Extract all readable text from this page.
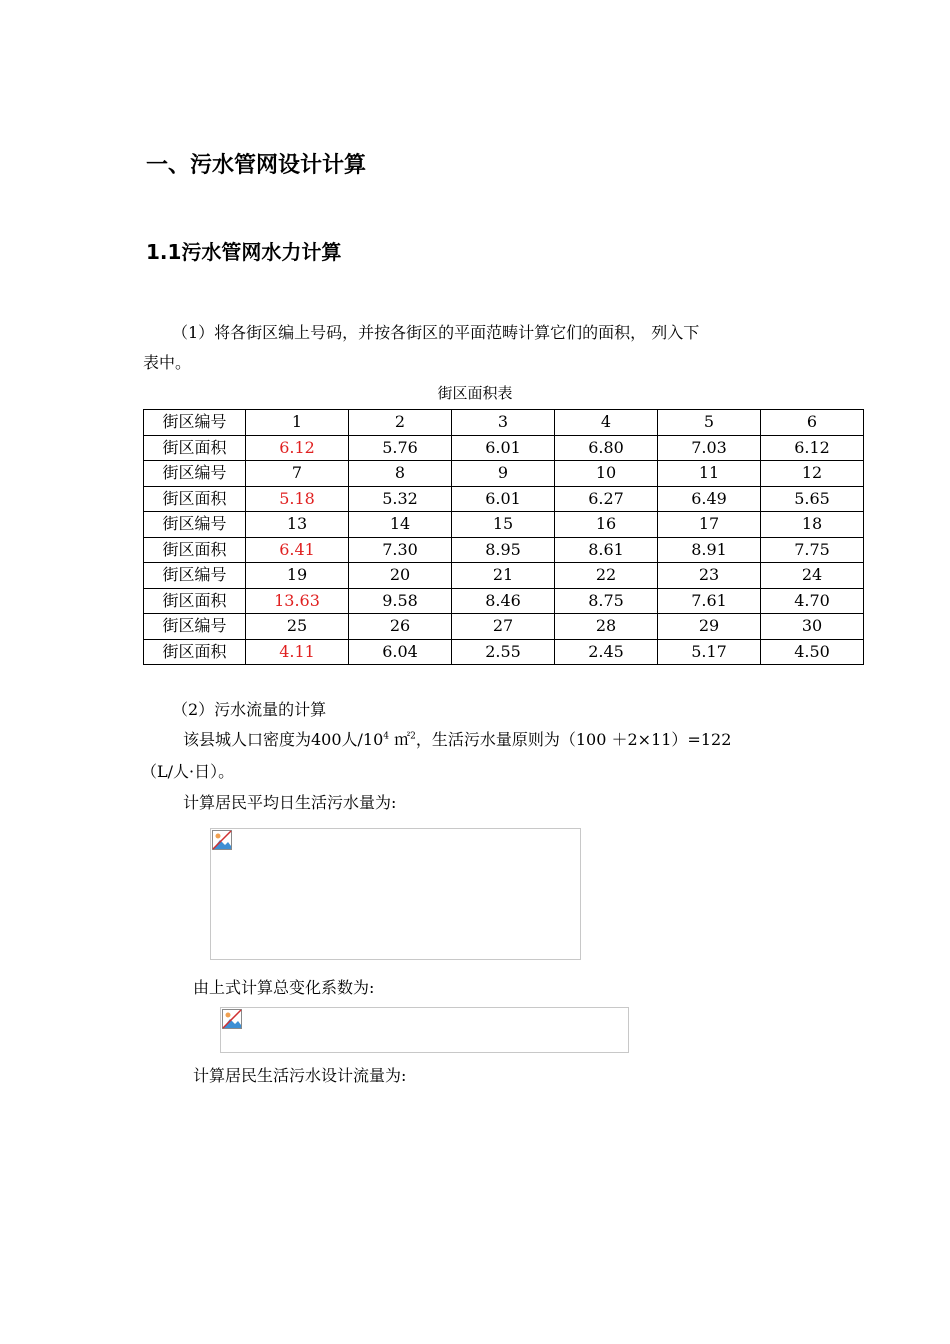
一、污水管网设计计算
1.1污水管网水力计算
（1）将各街区编上号码，并按各街区的平面范畴计算它们的面积， 列入下
表中。
街区面积表
街区编号	1	2	3	4	5	6
街区面积	6.12	5.76	6.01	6.80	7.03	6.12
街区编号	7	8	9	10	11	12
街区面积	5.18	5.32	6.01	6.27	6.49	5.65
街区编号	13	14	15	16	17	18
街区面积	6.41	7.30	8.95	8.61	8.91	7.75
街区编号	19	20	21	22	23	24
街区面积	13.63	9.58	8.46	8.75	7.61	4.70
街区编号	25	26	27	28	29	30
街区面积	4.11	6.04	2.55	2.45	5.17	4.50
（2）污水流量的计算
该县城人口密度为400人$/10^4$ ㎡$^2$，生活污水量原则为（100 ＋2×11）=122
（L/人·日）。
计算居民平均日生活污水量为:
由上式计算总变化系数为:
计算居民生活污水设计流量为:
